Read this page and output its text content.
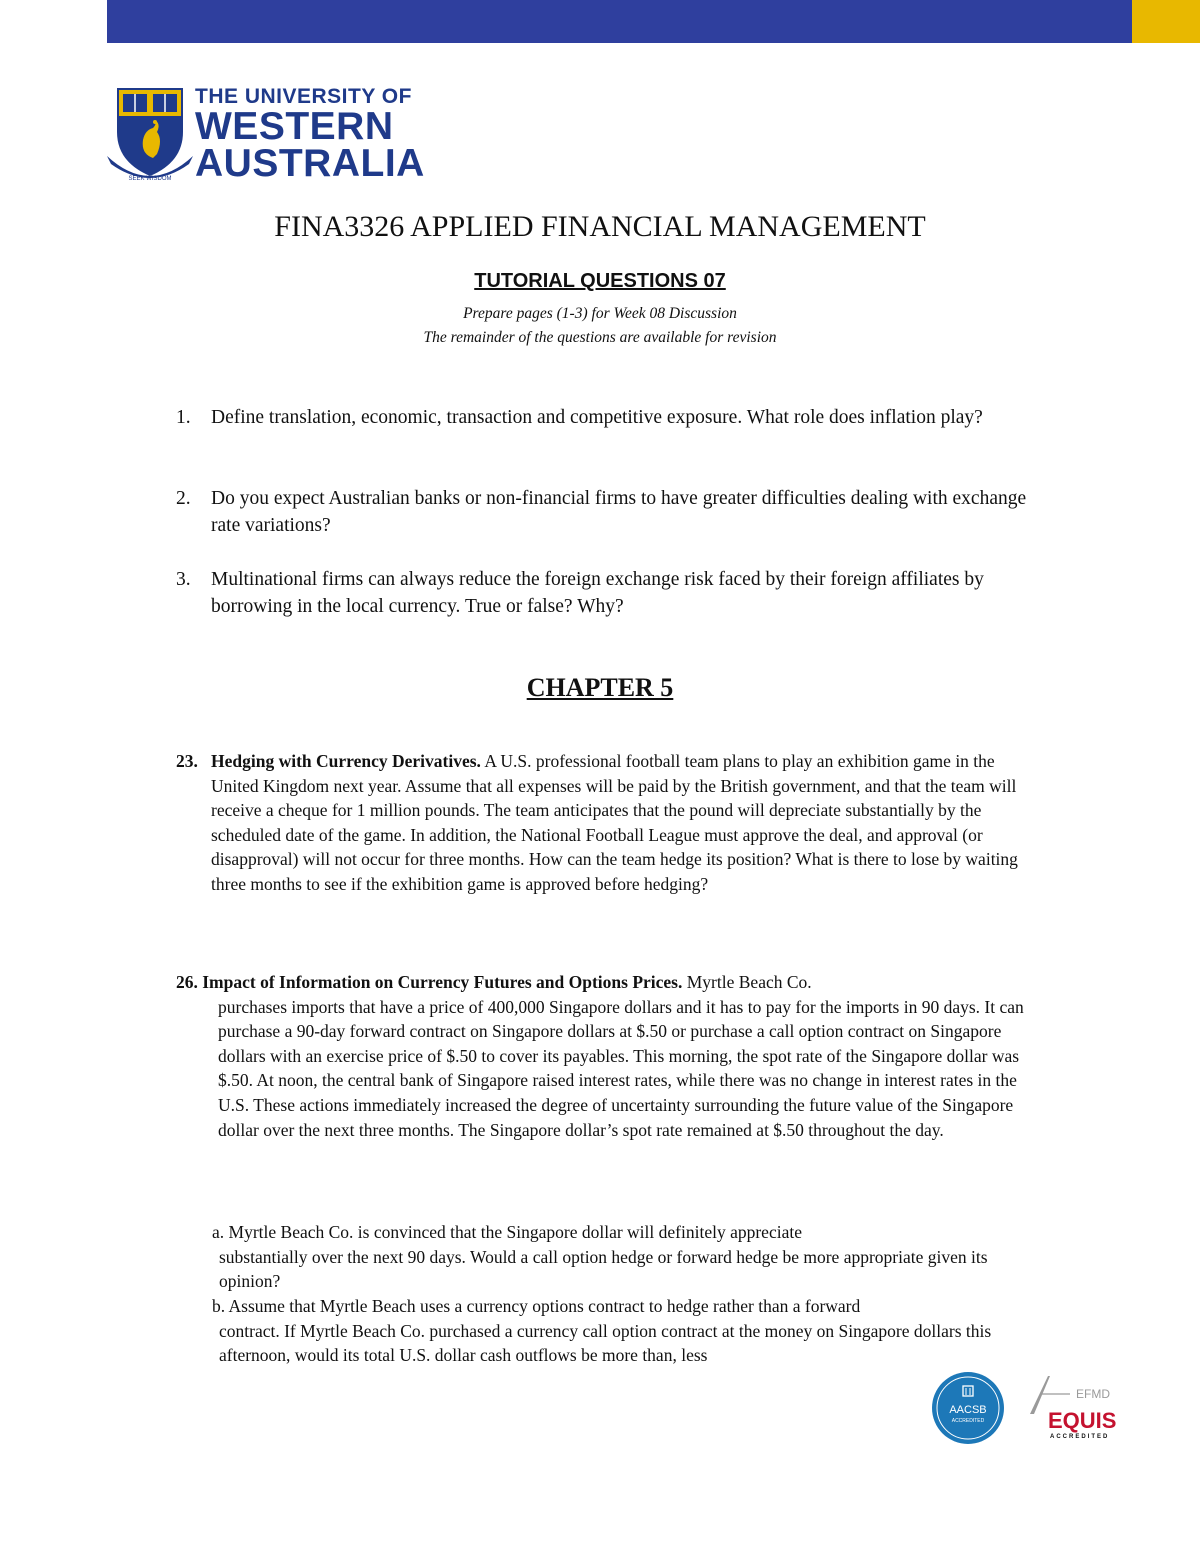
SEEK WISDOM
THE UNIVERSITY OF
WESTERN
AUSTRALIA
FINA3326 APPLIED FINANCIAL MANAGEMENT
TUTORIAL QUESTIONS 07
Prepare pages (1-3) for Week 08 Discussion
The remainder of the questions are available for revision
1. Define translation, economic, transaction and competitive exposure. What role does inflation play?
2. Do you expect Australian banks or non-financial firms to have greater difficulties dealing with exchange rate variations?
3. Multinational firms can always reduce the foreign exchange risk faced by their foreign affiliates by borrowing in the local currency. True or false? Why?
CHAPTER 5
23. Hedging with Currency Derivatives. A U.S. professional football team plans to play an exhibition game in the United Kingdom next year. Assume that all expenses will be paid by the British government, and that the team will receive a cheque for 1 million pounds. The team anticipates that the pound will depreciate substantially by the scheduled date of the game. In addition, the National Football League must approve the deal, and approval (or disapproval) will not occur for three months. How can the team hedge its position? What is there to lose by waiting three months to see if the exhibition game is approved before hedging?
26. Impact of Information on Currency Futures and Options Prices. Myrtle Beach Co.
purchases imports that have a price of 400,000 Singapore dollars and it has to pay for the imports in 90 days. It can purchase a 90-day forward contract on Singapore dollars at $.50 or purchase a call option contract on Singapore dollars with an exercise price of $.50 to cover its payables. This morning, the spot rate of the Singapore dollar was $.50. At noon, the central bank of Singapore raised interest rates, while there was no change in interest rates in the U.S. These actions immediately increased the degree of uncertainty surrounding the future value of the Singapore dollar over the next three months. The Singapore dollar’s spot rate remained at $.50 throughout the day.
a. Myrtle Beach Co. is convinced that the Singapore dollar will definitely appreciate
substantially over the next 90 days. Would a call option hedge or forward hedge be more appropriate given its opinion?
b. Assume that Myrtle Beach uses a currency options contract to hedge rather than a forward
contract. If Myrtle Beach Co. purchased a currency call option contract at the money on Singapore dollars this afternoon, would its total U.S. dollar cash outflows be more than, less
AACSB
ACCREDITED
EFMD
EQUIS
ACCREDITED
